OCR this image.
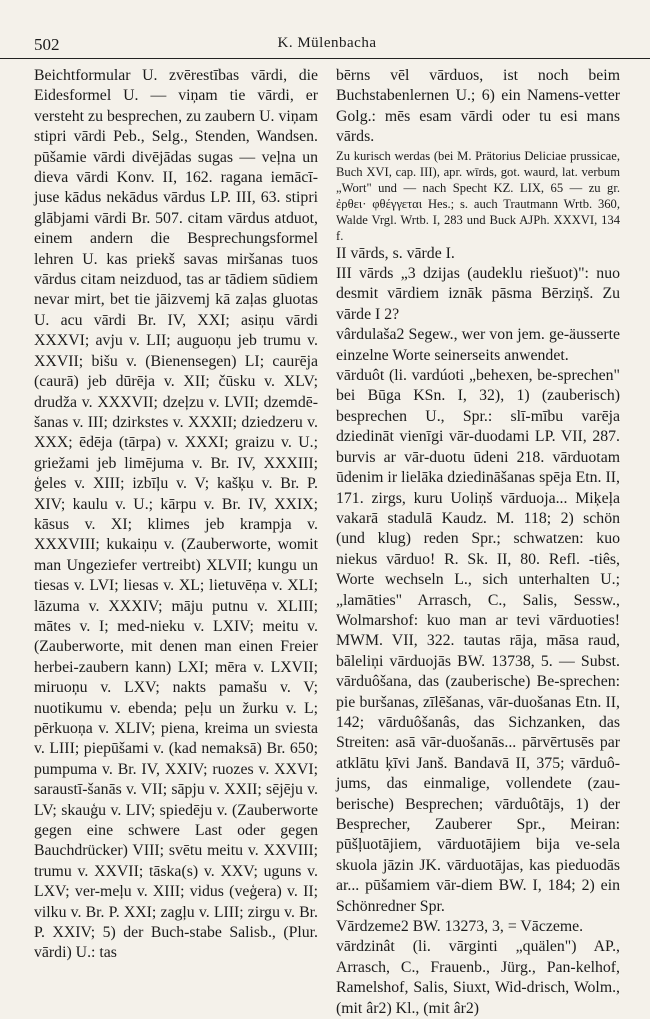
502	K. Mülenbacha

Beichtformular U. zvērestības vārdi, die Eidesformel U. — viņam tie vārdi, er versteht zu besprechen, zu zaubern U. viņam stipri vārdi Peb., Selg., Stenden, Wandsen. pūšamie vārdi divējādas sugas — veļna un dieva vārdi Konv. II, 162. ragana iemācī-juse kādus nekādus vārdus LP. III, 63. stipri glābjami vārdi Br. 507. citam vārdus atduot, einem andern die Besprechungsformel lehren U. kas priekš savas miršanas tuos vārdus citam neizduod, tas ar tādiem sūdiem nevar mirt, bet tie jāizvemj kā zaļas gluotas U. acu vārdi Br. IV, XXI; asiņu vārdi XXXVI; avju v. LII; auguoņu jeb trumu v. XXVII; bišu v. (Bienensegen) LI; caurēja (caurā) jeb dūrēja v. XII; čūsku v. XLV; drudža v. XXXVII; dzeļzu v. LVII; dzemdē-šanas v. III; dzirkstes v. XXXII; dziedzeru v. XXX; ēdēja (tārpa) v. XXXI; graizu v. U.; griežami jeb limējuma v. Br. IV, XXXIII; ģeles v. XIII; izbīļu v. V; kašķu v. Br. P. XIV; kaulu v. U.; kārpu v. Br. IV, XXIX; kāsus v. XI; klimes jeb krampja v. XXXVIII; kukaiņu v. (Zauberworte, womit man Ungeziefer vertreibt) XLVII; kungu un tiesas v. LVI; liesas v. XL; lietuvēņa v. XLI; lāzuma v. XXXIV; māju putnu v. XLIII; mātes v. I; med-nieku v. LXIV; meitu v. (Zauberworte, mit denen man einen Freier herbei-zaubern kann) LXI; mēra v. LXVII; miruoņu v. LXV; nakts pamašu v. V; nuotikumu v. ebenda; peļu un žurku v. L; pērkuoņa v. XLIV; piena, kreima un sviesta v. LIII; piepūšami v. (kad nemaksā) Br. 650; pumpuma v. Br. IV, XXIV; ruozes v. XXVI; saraustī-šanās v. VII; sāpju v. XXII; sējēju v. LV; skauģu v. LIV; spiedēju v. (Zauberworte gegen eine schwere Last oder gegen Bauchdrücker) VIII; svētu meitu v. XXVIII; trumu v. XXVII; tāska(s) v. XXV; uguns v. LXV; ver-meļu v. XIII; vidus (veģera) v. II; vilku v. Br. P. XXI; zagļu v. LIII; zirgu v. Br. P. XXIV; 5) der Buch-stabe Salisb., (Plur. vārdi) U.: tas

bērns vēl vārduos, ist noch beim Buchstabenlernen U.; 6) ein Namens-vetter Golg.: mēs esam vārdi oder tu esi mans vārds.

Zu kurisch werdas (bei M. Prätorius Deliciae prussicae, Buch XVI, cap. III), apr. wīrds, got. waurd, lat. verbum „Wort" und — nach Specht KZ. LIX, 65 — zu gr. ἐρθει· φθέγγεται Hes.; s. auch Trautmann Wrtb. 360, Walde Vrgl. Wrtb. I, 283 und Buck AJPh. XXXVI, 134 f.

II vārds, s. vārde I.

III vārds „3 dzijas (audeklu riešuot)": nuo desmit vārdiem iznāk pāsma Bērziņš. Zu vārde I 2?

vârdulaša2 Segew., wer von jem. ge-äusserte einzelne Worte seinerseits anwendet.

vārduôt (li. vardúoti „behexen, be-sprechen" bei Būga KSn. I, 32), 1) (zauberisch) besprechen U., Spr.: slī-mību varēja dziedināt vienīgi vār-duodami LP. VII, 287. burvis ar vār-duotu ūdeni 218. vārduotam ūdenim ir lielāka dziedināšanas spēja Etn. II, 171. zirgs, kuru Uoliņš vārduoja... Miķeļa vakarā stadulā Kaudz. M. 118; 2) schön (und klug) reden Spr.; schwatzen: kuo niekus vārduo! R. Sk. II, 80. Refl. -tiês, Worte wechseln L., sich unterhalten U.; „lamāties" Arrasch, C., Salis, Sessw., Wolmarshof: kuo man ar tevi vārduoties! MWM. VII, 322. tautas rāja, māsa raud, bāleliņi vārduojās BW. 13738, 5. — Subst. vārduôšana, das (zauberische) Be-sprechen: pie buršanas, zīlēšanas, vār-duošanas Etn. II, 142; vārduôšanâs, das Sichzanken, das Streiten: asā vār-duošanās... pārvērtusēs par atklātu ķīvi Janš. Bandavā II, 375; vārduô-jums, das einmalige, vollendete (zau-berische) Besprechen; vārduôtājs, 1) der Besprecher, Zauberer Spr., Meiran: pūšļuotājiem, vārduotājiem bija ve-sela skuola jāzin JK. vārduotājas, kas pieduodās ar... pūšamiem vār-diem BW. I, 184; 2) ein Schönredner Spr.

Vārdzeme2 BW. 13273, 3, = Vāczeme.

vārdzinât (li. vārginti „quälen") AP., Arrasch, C., Frauenb., Jürg., Pan-kelhof, Ramelshof, Salis, Siuxt, Wid-drisch, Wolm., (mit âr2) Kl., (mit âr2)
